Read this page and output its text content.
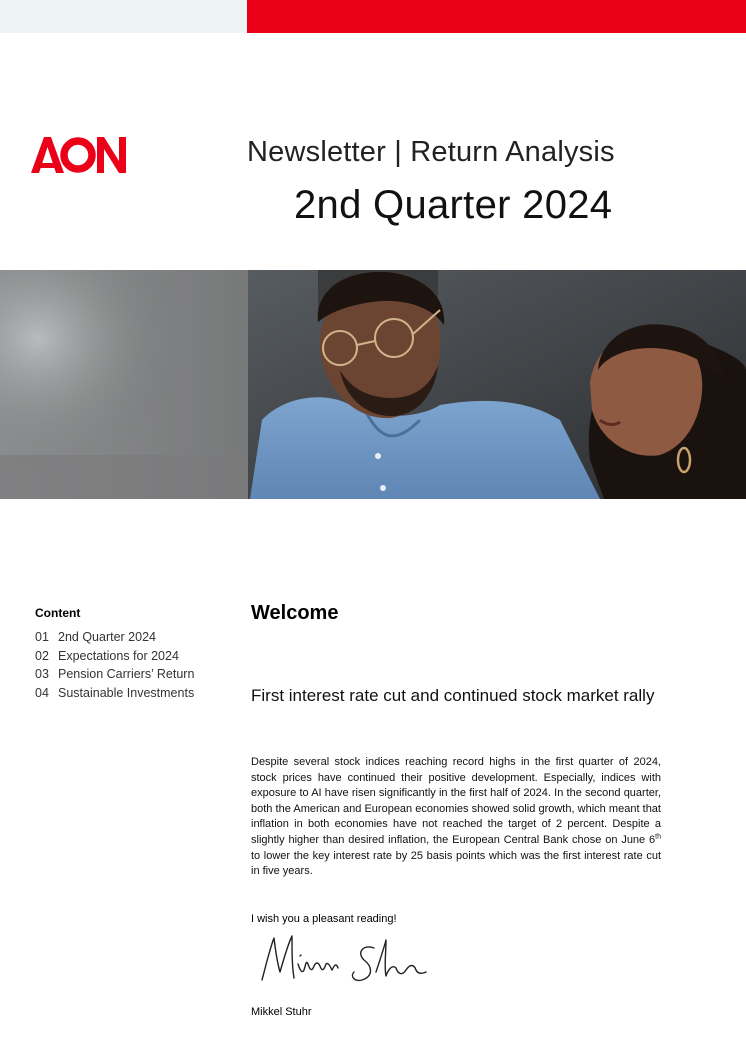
Newsletter | Return Analysis
2nd Quarter 2024
Content
01 2nd Quarter 2024
02 Expectations for 2024
03 Pension Carriers’ Return
04 Sustainable Investments
Welcome
First interest rate cut and continued stock market rally

Despite several stock indices reaching record highs in the first quarter of 2024, stock prices have continued their positive development. Especially, indices with exposure to AI have risen significantly in the first half of 2024. In the second quarter, both the American and European economies showed solid growth, which meant that inflation in both economies have not reached the target of 2 percent. Despite a slightly higher than desired inflation, the European Central Bank chose on June 6th to lower the key interest rate by 25 basis points which was the first interest rate cut in five years.

I wish you a pleasant reading!
Mikkel Stuhr
